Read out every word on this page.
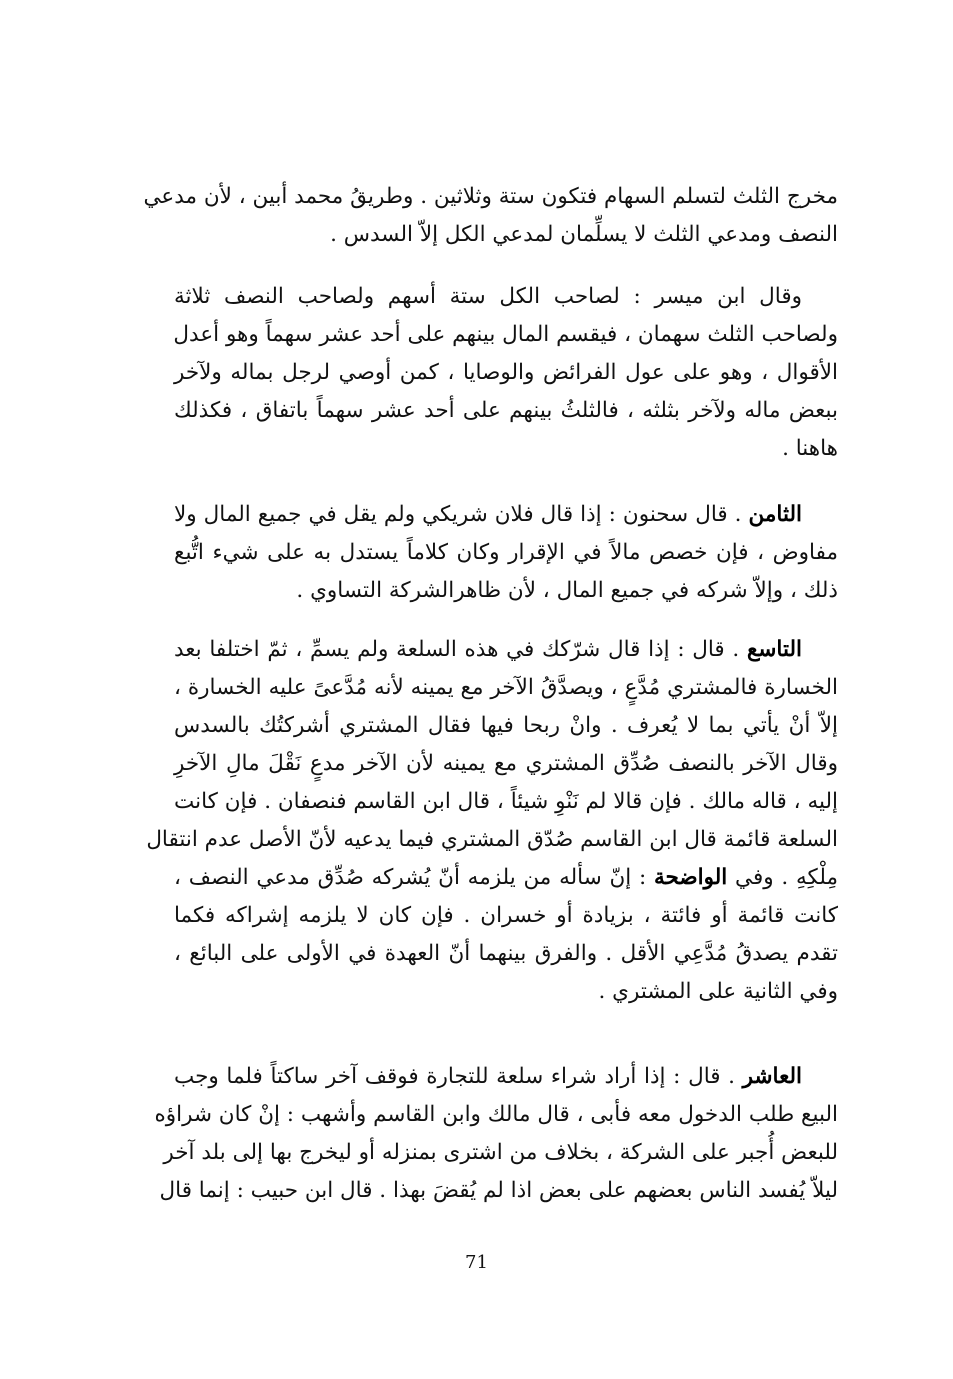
مخرج الثلث لتسلم السهام فتكون ستة وثلاثين . وطريقُ محمد أبين ، لأن مدعي
النصف ومدعي الثلث لا يسلِّمان لمدعي الكل إلاّ السدس .
وقال ابن ميسر : لصاحب الكل ستة أسهم ولصاحب النصف ثلاثة
ولصاحب الثلث سهمان ، فيقسم المال بينهم على أحد عشر سهماً وهو أعدل
الأقوال ، وهو على عول الفرائض والوصايا ، كمن أوصي لرجل بماله ولآخر
ببعض ماله ولآخر بثلثه ، فالثلثُ بينهم على أحد عشر سهماً باتفاق ، فكذلك
هاهنا .
الثامن . قال سحنون : إذا قال فلان شريكي ولم يقل في جميع المال ولا
مفاوض ، فإن خصص مالاً في الإقرار وكان كلاماً يستدل به على شيء اتُّبع
ذلك ، وإلاّ شركه في جميع المال ، لأن ظاهرالشركة التساوي .
التاسع . قال : إذا قال شرّكك في هذه السلعة ولم يسمِّ ، ثمّ اختلفا بعد
الخسارة فالمشتري مُدَّعٍ ، ويصدَّقُ الآخر مع يمينه لأنه مُدَّعىً عليه الخسارة ،
إلاّ أنْ يأتي بما لا يُعرف . وانْ ربحا فيها فقال المشتري أشركتُك بالسدس
وقال الآخر بالنصف صُدِّق المشتري مع يمينه لأن الآخر مدعٍ نَقْلَ مالِ الآخرِ
إليه ، قاله مالك . فإن قالا لم نَنْوِ شيئاً ، قال ابن القاسم فنصفان . فإن كانت
السلعة قائمة قال ابن القاسم صُدّق المشتري فيما يدعيه لأنّ الأصل عدم انتقال
مِلْكِهِ . وفي الواضحة : إنّ سأله من يلزمه أنّ يُشركه صُدِّق مدعي النصف ،
كانت قائمة أو فائتة ، بزيادة أو خسران . فإن كان لا يلزمه إشراكه فكما
تقدم يصدقُ مُدَّعِي الأقل . والفرق بينهما أنّ العهدة في الأولى على البائع ،
وفي الثانية على المشتري .
العاشر . قال : إذا أراد شراء سلعة للتجارة فوقف آخر ساكتاً فلما وجب
البيع طلب الدخول معه فأبى ، قال مالك وابن القاسم وأشهب : إنْ كان شراؤه
للبعض أُجبر على الشركة ، بخلاف من اشترى بمنزله أو ليخرج بها إلى بلد آخر
ليلاّ يُفسد الناس بعضهم على بعض اذا لم يُقضَ بهذا . قال ابن حبيب : إنما قال
71
